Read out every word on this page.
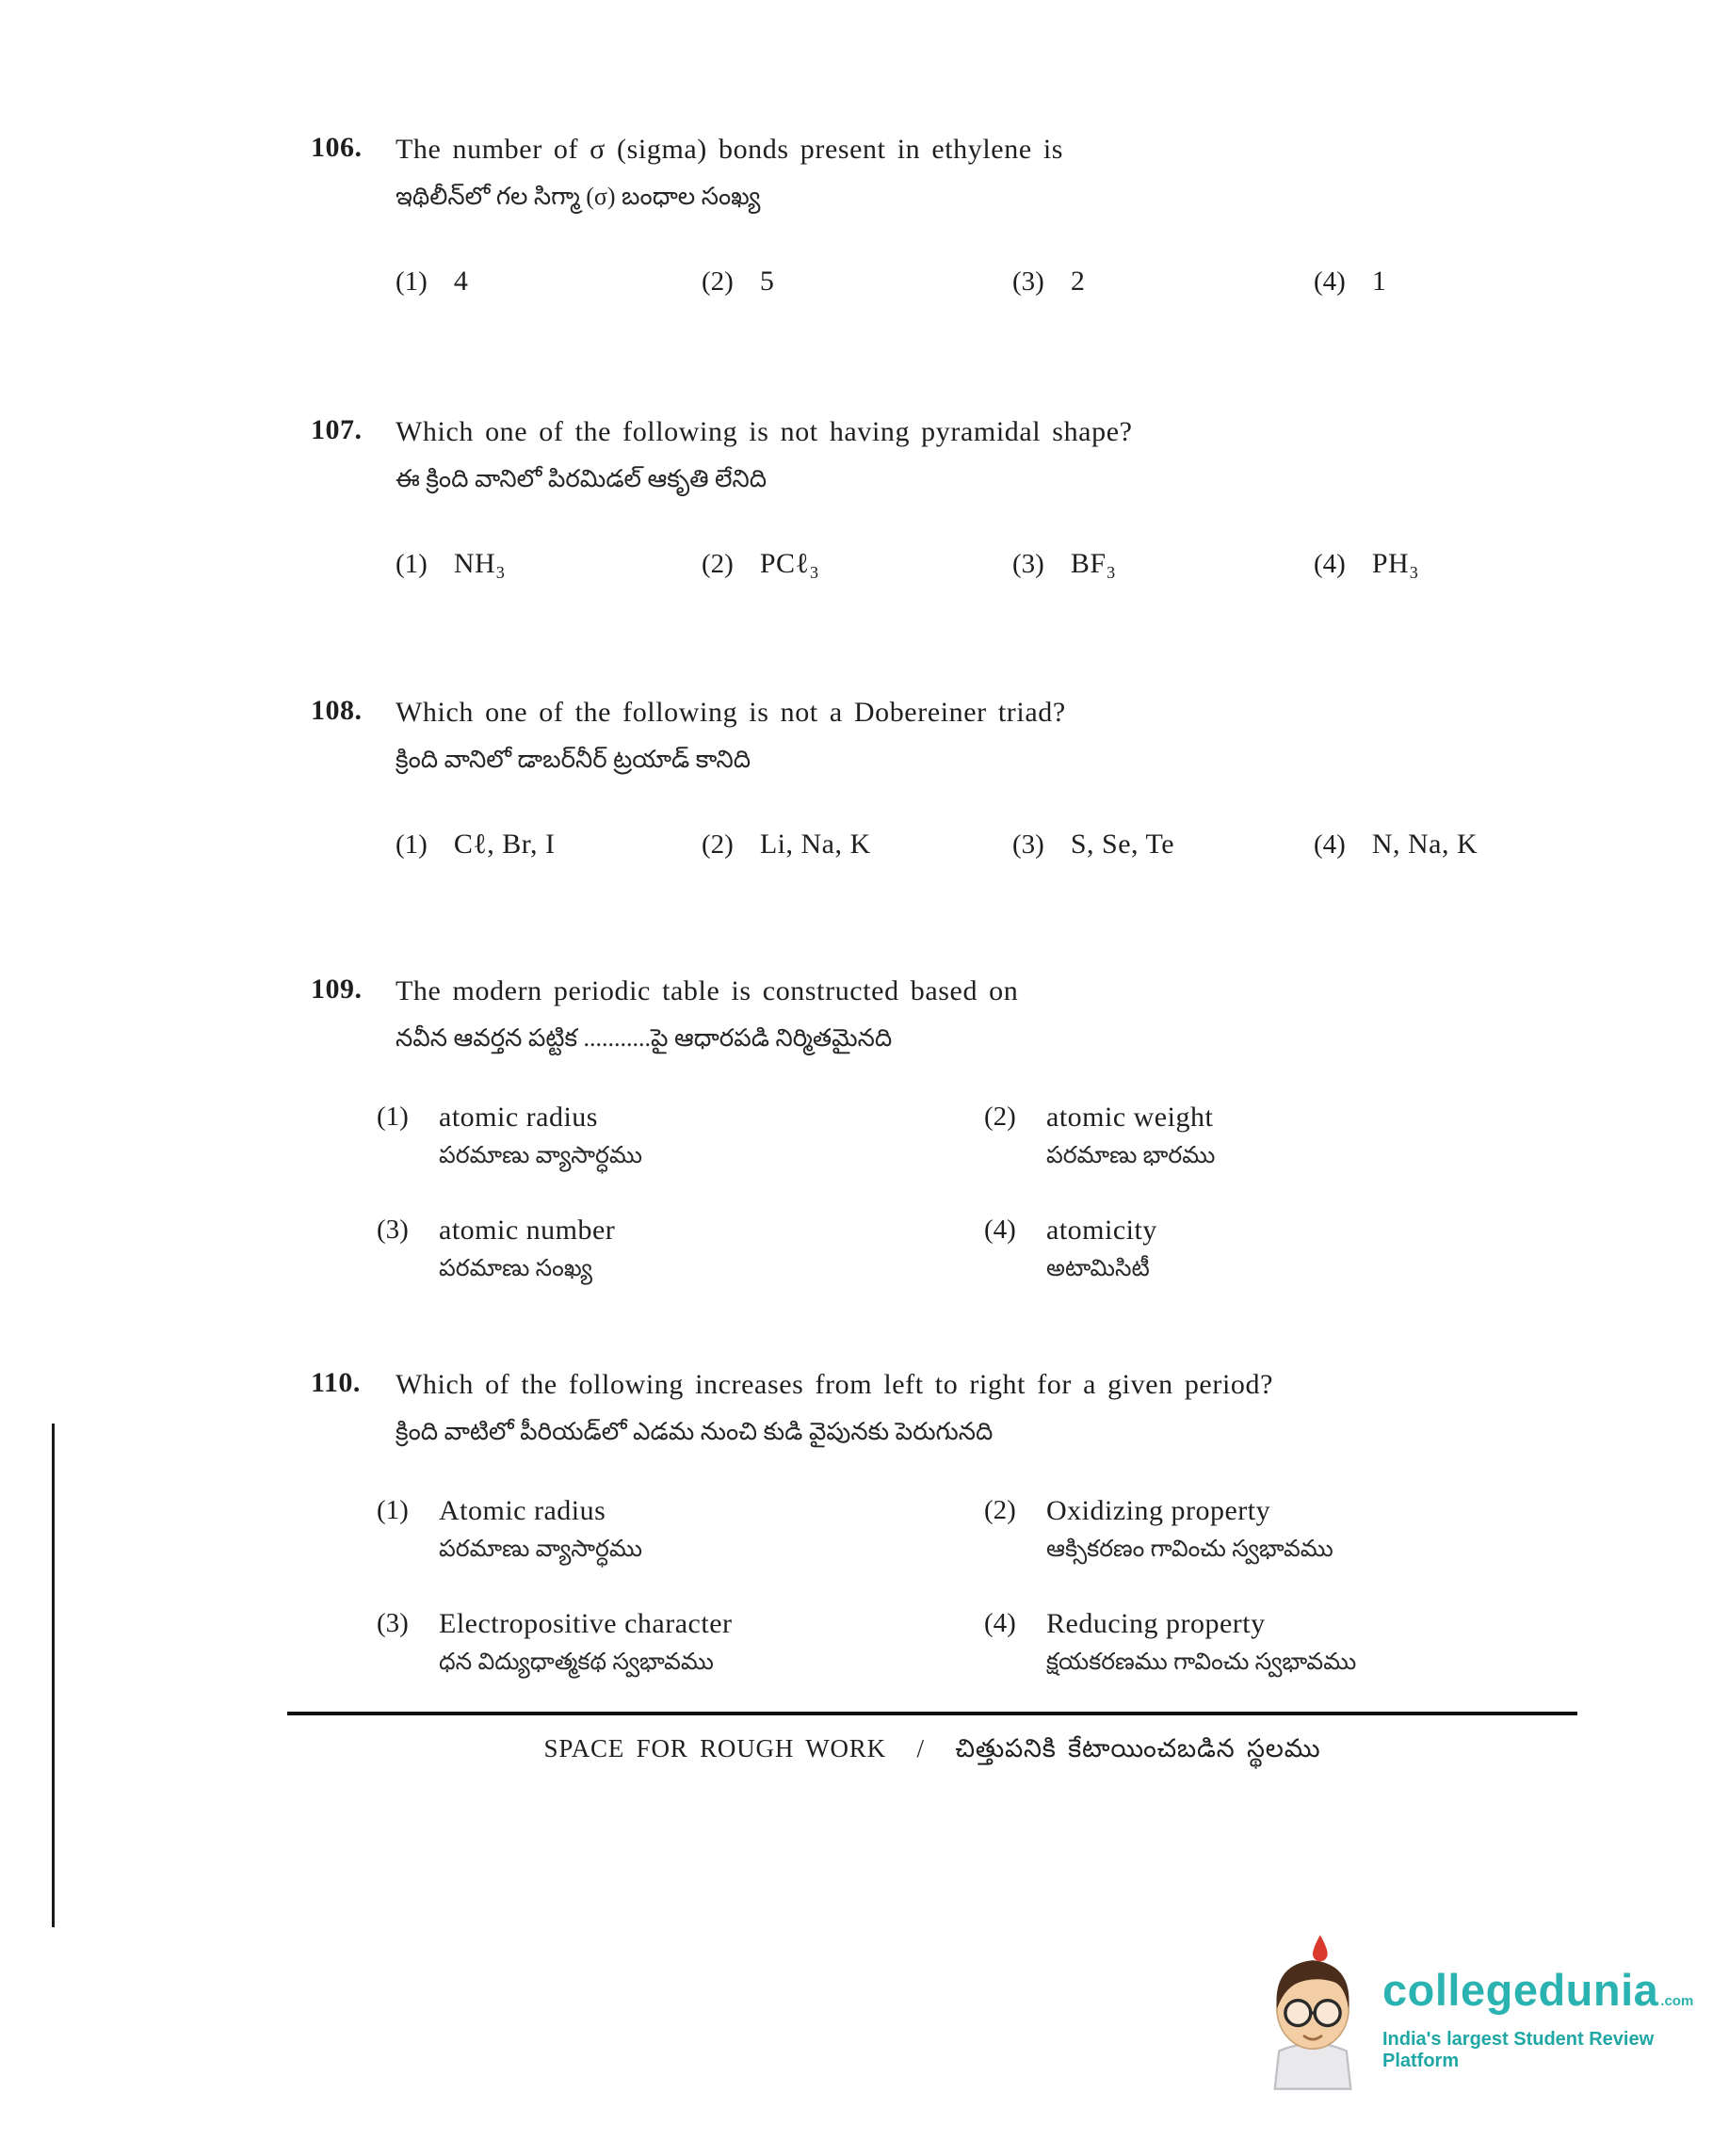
106.	The number of σ (sigma) bonds present in ethylene is
ఇథిలీన్‌లో గల సిగ్మా (σ) బంధాల సంఖ్య
(1) 4	(2) 5	(3) 2	(4) 1
107.	Which one of the following is not having pyramidal shape?
ఈ క్రింది వానిలో పిరమిడల్ ఆకృతి లేనిది
(1) NH₃	(2) PCℓ₃	(3) BF₃	(4) PH₃
108.	Which one of the following is not a Dobereiner triad?
క్రింది వానిలో డాబర్‌నీర్ ట్రయాడ్ కానిది
(1) Cℓ, Br, I	(2) Li, Na, K	(3) S, Se, Te	(4) N, Na, K
109.	The modern periodic table is constructed based on
నవీన ఆవర్తన పట్టిక ...........పై ఆధారపడి నిర్మితమైనది
(1)	atomic radius
పరమాణు వ్యాసార్ధము
(2)	atomic weight
పరమాణు భారము
(3)	atomic number
పరమాణు సంఖ్య
(4)	atomicity
అటామిసిటీ
110.	Which of the following increases from left to right for a given period?
క్రింది వాటిలో పీరియడ్‌లో ఎడమ నుంచి కుడి వైపునకు పెరుగునది
(1)	Atomic radius
పరమాణు వ్యాసార్ధము
(2)	Oxidizing property
ఆక్సికరణం గావించు స్వభావము
(3)	Electropositive character
ధన విద్యుధాత్మకథ స్వభావము
(4)	Reducing property
క్షయకరణము గావించు స్వభావము
SPACE FOR ROUGH WORK / చిత్తుపనికి కేటాయించబడిన స్థలము
collegedunia .com
India's largest Student Review Platform
